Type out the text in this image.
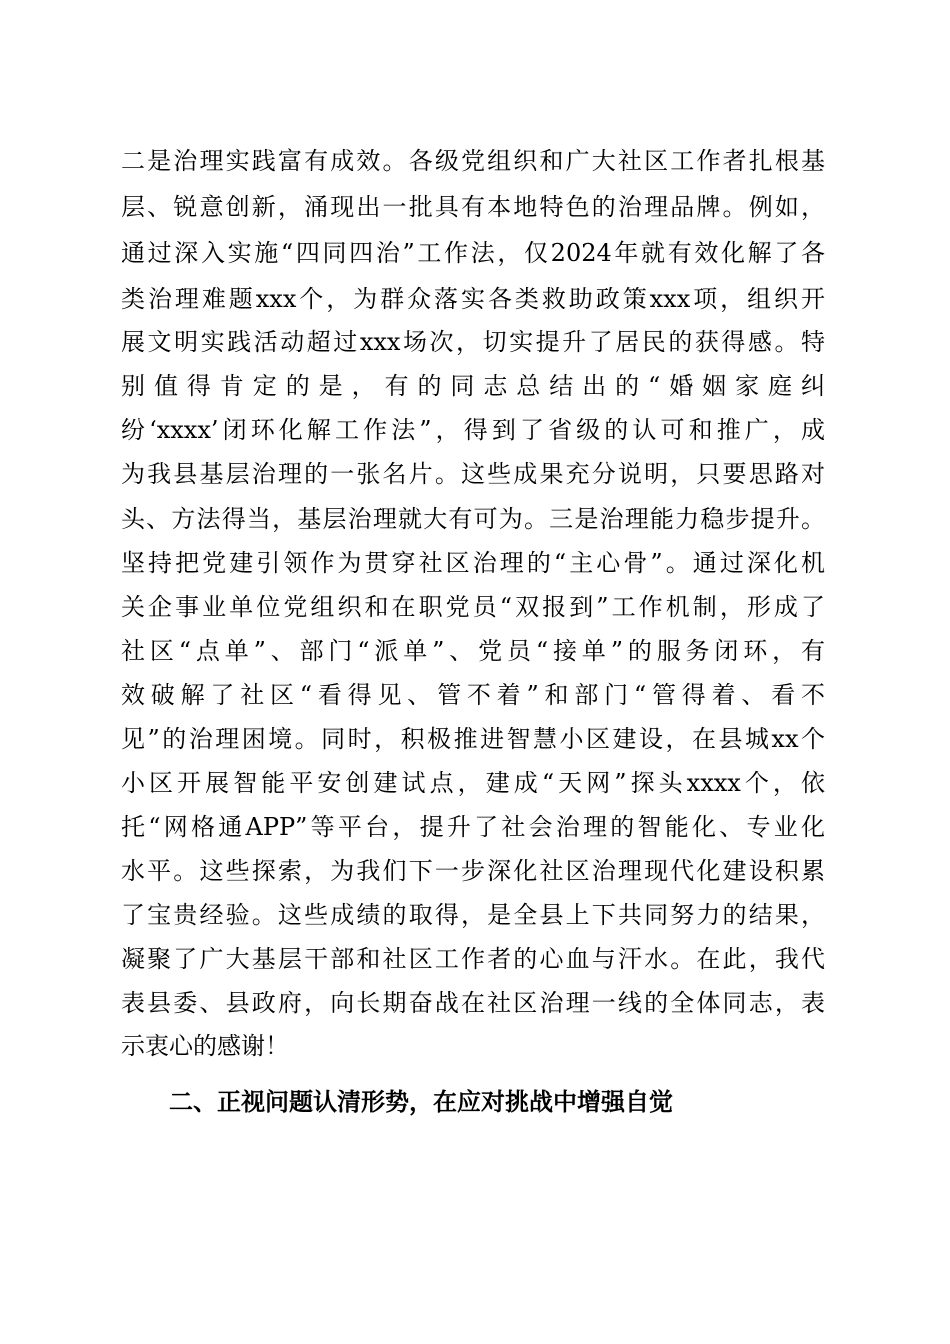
二是治理实践富有成效。各级党组织和广大社区工作者扎根基
层、锐意创新，涌现出一批具有本地特色的治理品牌。例如，
通过深入实施“四同四治”工作法，仅2024年就有效化解了各
类治理难题xxx个，为群众落实各类救助政策xxx项，组织开
展文明实践活动超过xxx场次，切实提升了居民的获得感。特
别值得肯定的是，有的同志总结出的“婚姻家庭纠
纷‘xxxx’闭环化解工作法”，得到了省级的认可和推广，成
为我县基层治理的一张名片。这些成果充分说明，只要思路对
头、方法得当，基层治理就大有可为。三是治理能力稳步提升。
坚持把党建引领作为贯穿社区治理的“主心骨”。通过深化机
关企事业单位党组织和在职党员“双报到”工作机制，形成了
社区“点单”、部门“派单”、党员“接单”的服务闭环，有
效破解了社区“看得见、管不着”和部门“管得着、看不
见”的治理困境。同时，积极推进智慧小区建设，在县城xx个
小区开展智能平安创建试点，建成“天网”探头xxxx个，依
托“网格通APP”等平台，提升了社会治理的智能化、专业化
水平。这些探索，为我们下一步深化社区治理现代化建设积累
了宝贵经验。这些成绩的取得，是全县上下共同努力的结果，
凝聚了广大基层干部和社区工作者的心血与汗水。在此，我代
表县委、县政府，向长期奋战在社区治理一线的全体同志，表
示衷心的感谢！
二、正视问题认清形势，在应对挑战中增强自觉
